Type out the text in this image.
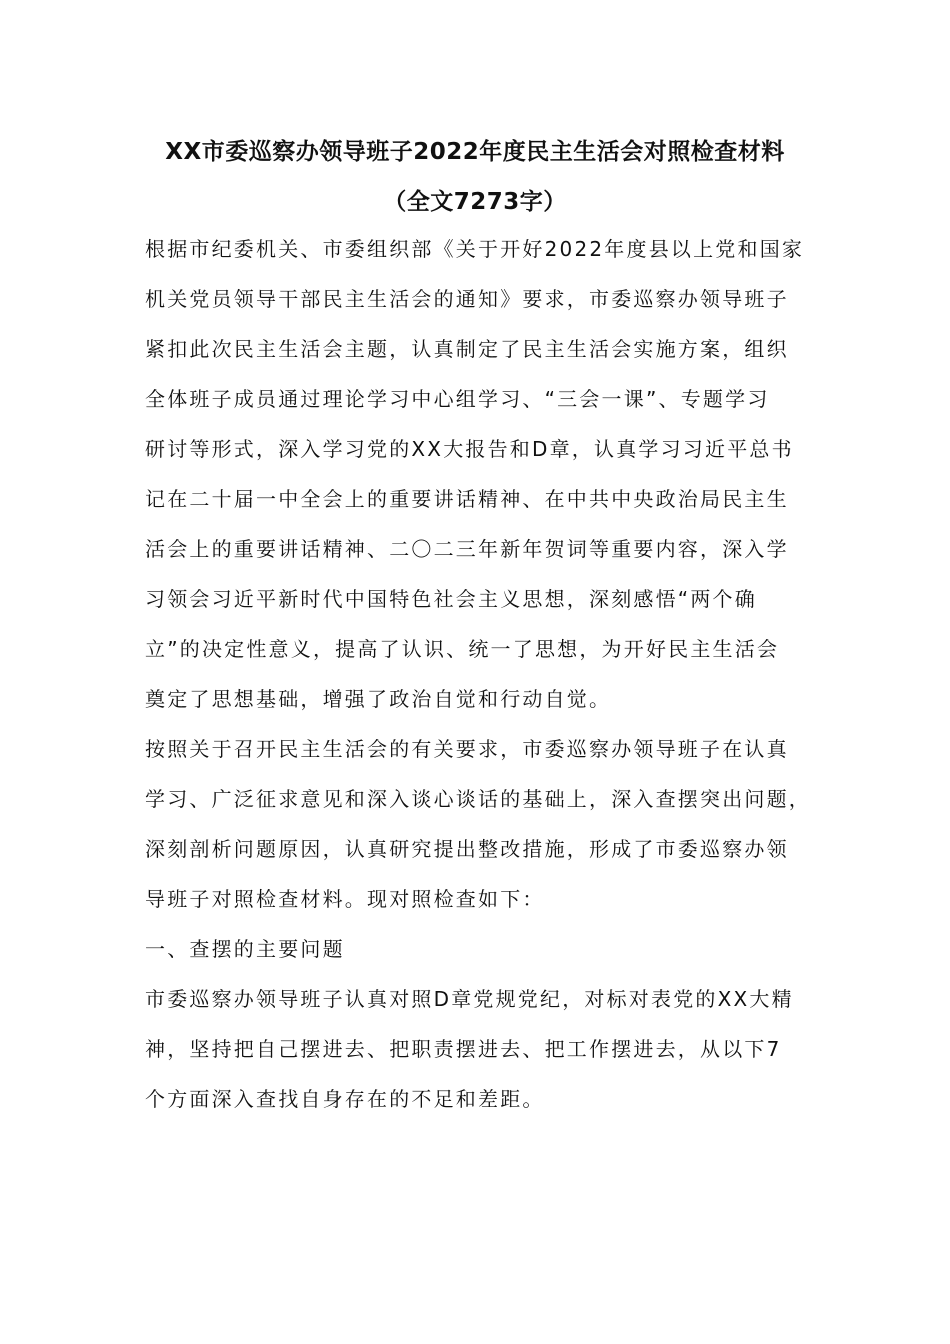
XX市委巡察办领导班子2022年度民主生活会对照检查材料
（全文7273字）
根据市纪委机关、市委组织部《关于开好2022年度县以上党和国家
机关党员领导干部民主生活会的通知》要求，市委巡察办领导班子
紧扣此次民主生活会主题，认真制定了民主生活会实施方案，组织
全体班子成员通过理论学习中心组学习、“三会一课”、专题学习
研讨等形式，深入学习党的XX大报告和D章，认真学习习近平总书
记在二十届一中全会上的重要讲话精神、在中共中央政治局民主生
活会上的重要讲话精神、二〇二三年新年贺词等重要内容，深入学
习领会习近平新时代中国特色社会主义思想，深刻感悟“两个确
立”的决定性意义，提高了认识、统一了思想，为开好民主生活会
奠定了思想基础，增强了政治自觉和行动自觉。
按照关于召开民主生活会的有关要求，市委巡察办领导班子在认真
学习、广泛征求意见和深入谈心谈话的基础上，深入查摆突出问题，
深刻剖析问题原因，认真研究提出整改措施，形成了市委巡察办领
导班子对照检查材料。现对照检查如下：
一、查摆的主要问题
市委巡察办领导班子认真对照D章党规党纪，对标对表党的XX大精
神，坚持把自己摆进去、把职责摆进去、把工作摆进去，从以下7
个方面深入查找自身存在的不足和差距。
